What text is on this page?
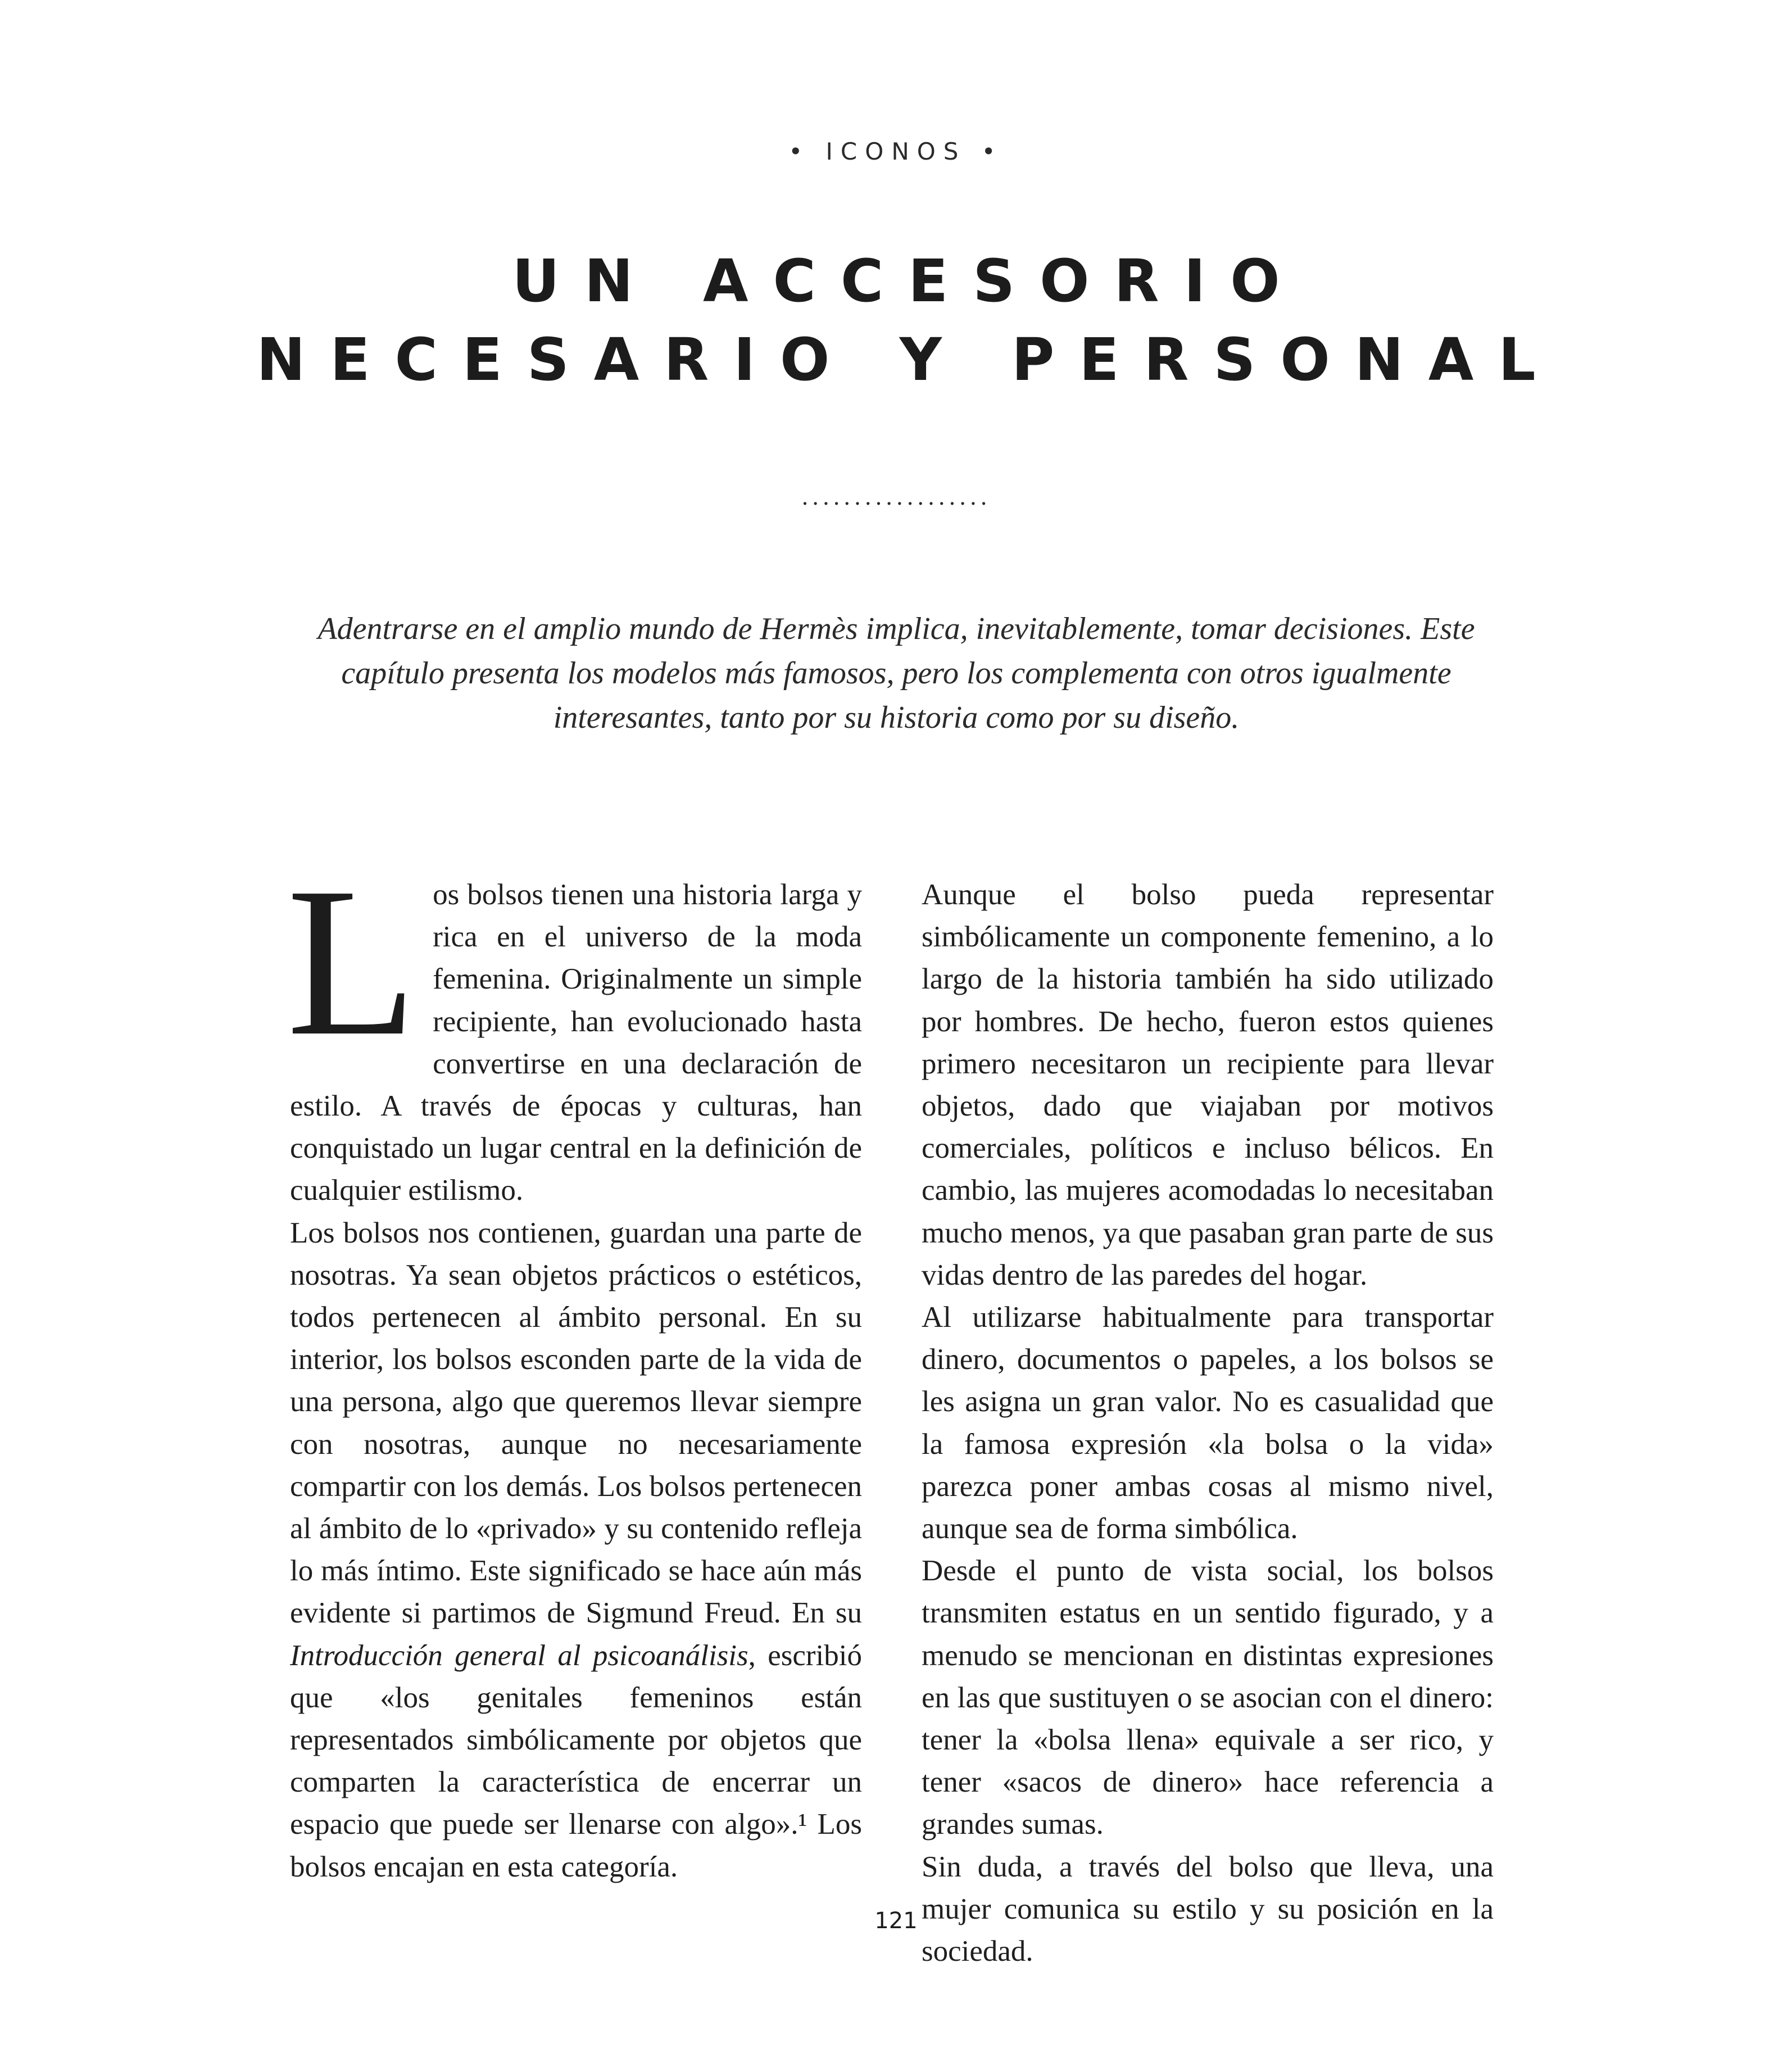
• ICONOS •
UN ACCESORIO
NECESARIO Y PERSONAL
..................
Adentrarse en el amplio mundo de Hermès implica, inevitablemente, tomar decisiones. Este capítulo presenta los modelos más famosos, pero los complementa con otros igualmente interesantes, tanto por su historia como por su diseño.

Los bolsos tienen una historia larga y rica en el universo de la moda femenina. Originalmente un simple recipiente, han evolucionado hasta convertirse en una declaración de estilo. A través de épocas y culturas, han conquistado un lugar central en la definición de cualquier estilismo.

Los bolsos nos contienen, guardan una parte de nosotras. Ya sean objetos prácticos o estéticos, todos pertenecen al ámbito personal. En su interior, los bolsos esconden parte de la vida de una persona, algo que queremos llevar siempre con nosotras, aunque no necesariamente compartir con los demás. Los bolsos pertenecen al ámbito de lo «privado» y su contenido refleja lo más íntimo. Este significado se hace aún más evidente si partimos de Sigmund Freud. En su Introducción general al psicoanálisis, escribió que «los genitales femeninos están representados simbólicamente por objetos que comparten la característica de encerrar un espacio que puede ser llenarse con algo».¹ Los bolsos encajan en esta categoría.

Aunque el bolso pueda representar simbólicamente un componente femenino, a lo largo de la historia también ha sido utilizado por hombres. De hecho, fueron estos quienes primero necesitaron un recipiente para llevar objetos, dado que viajaban por motivos comerciales, políticos e incluso bélicos. En cambio, las mujeres acomodadas lo necesitaban mucho menos, ya que pasaban gran parte de sus vidas dentro de las paredes del hogar.

Al utilizarse habitualmente para transportar dinero, documentos o papeles, a los bolsos se les asigna un gran valor. No es casualidad que la famosa expresión «la bolsa o la vida» parezca poner ambas cosas al mismo nivel, aunque sea de forma simbólica.

Desde el punto de vista social, los bolsos transmiten estatus en un sentido figurado, y a menudo se mencionan en distintas expresiones en las que sustituyen o se asocian con el dinero: tener la «bolsa llena» equivale a ser rico, y tener «sacos de dinero» hace referencia a grandes sumas.

Sin duda, a través del bolso que lleva, una mujer comunica su estilo y su posición en la sociedad.

121
